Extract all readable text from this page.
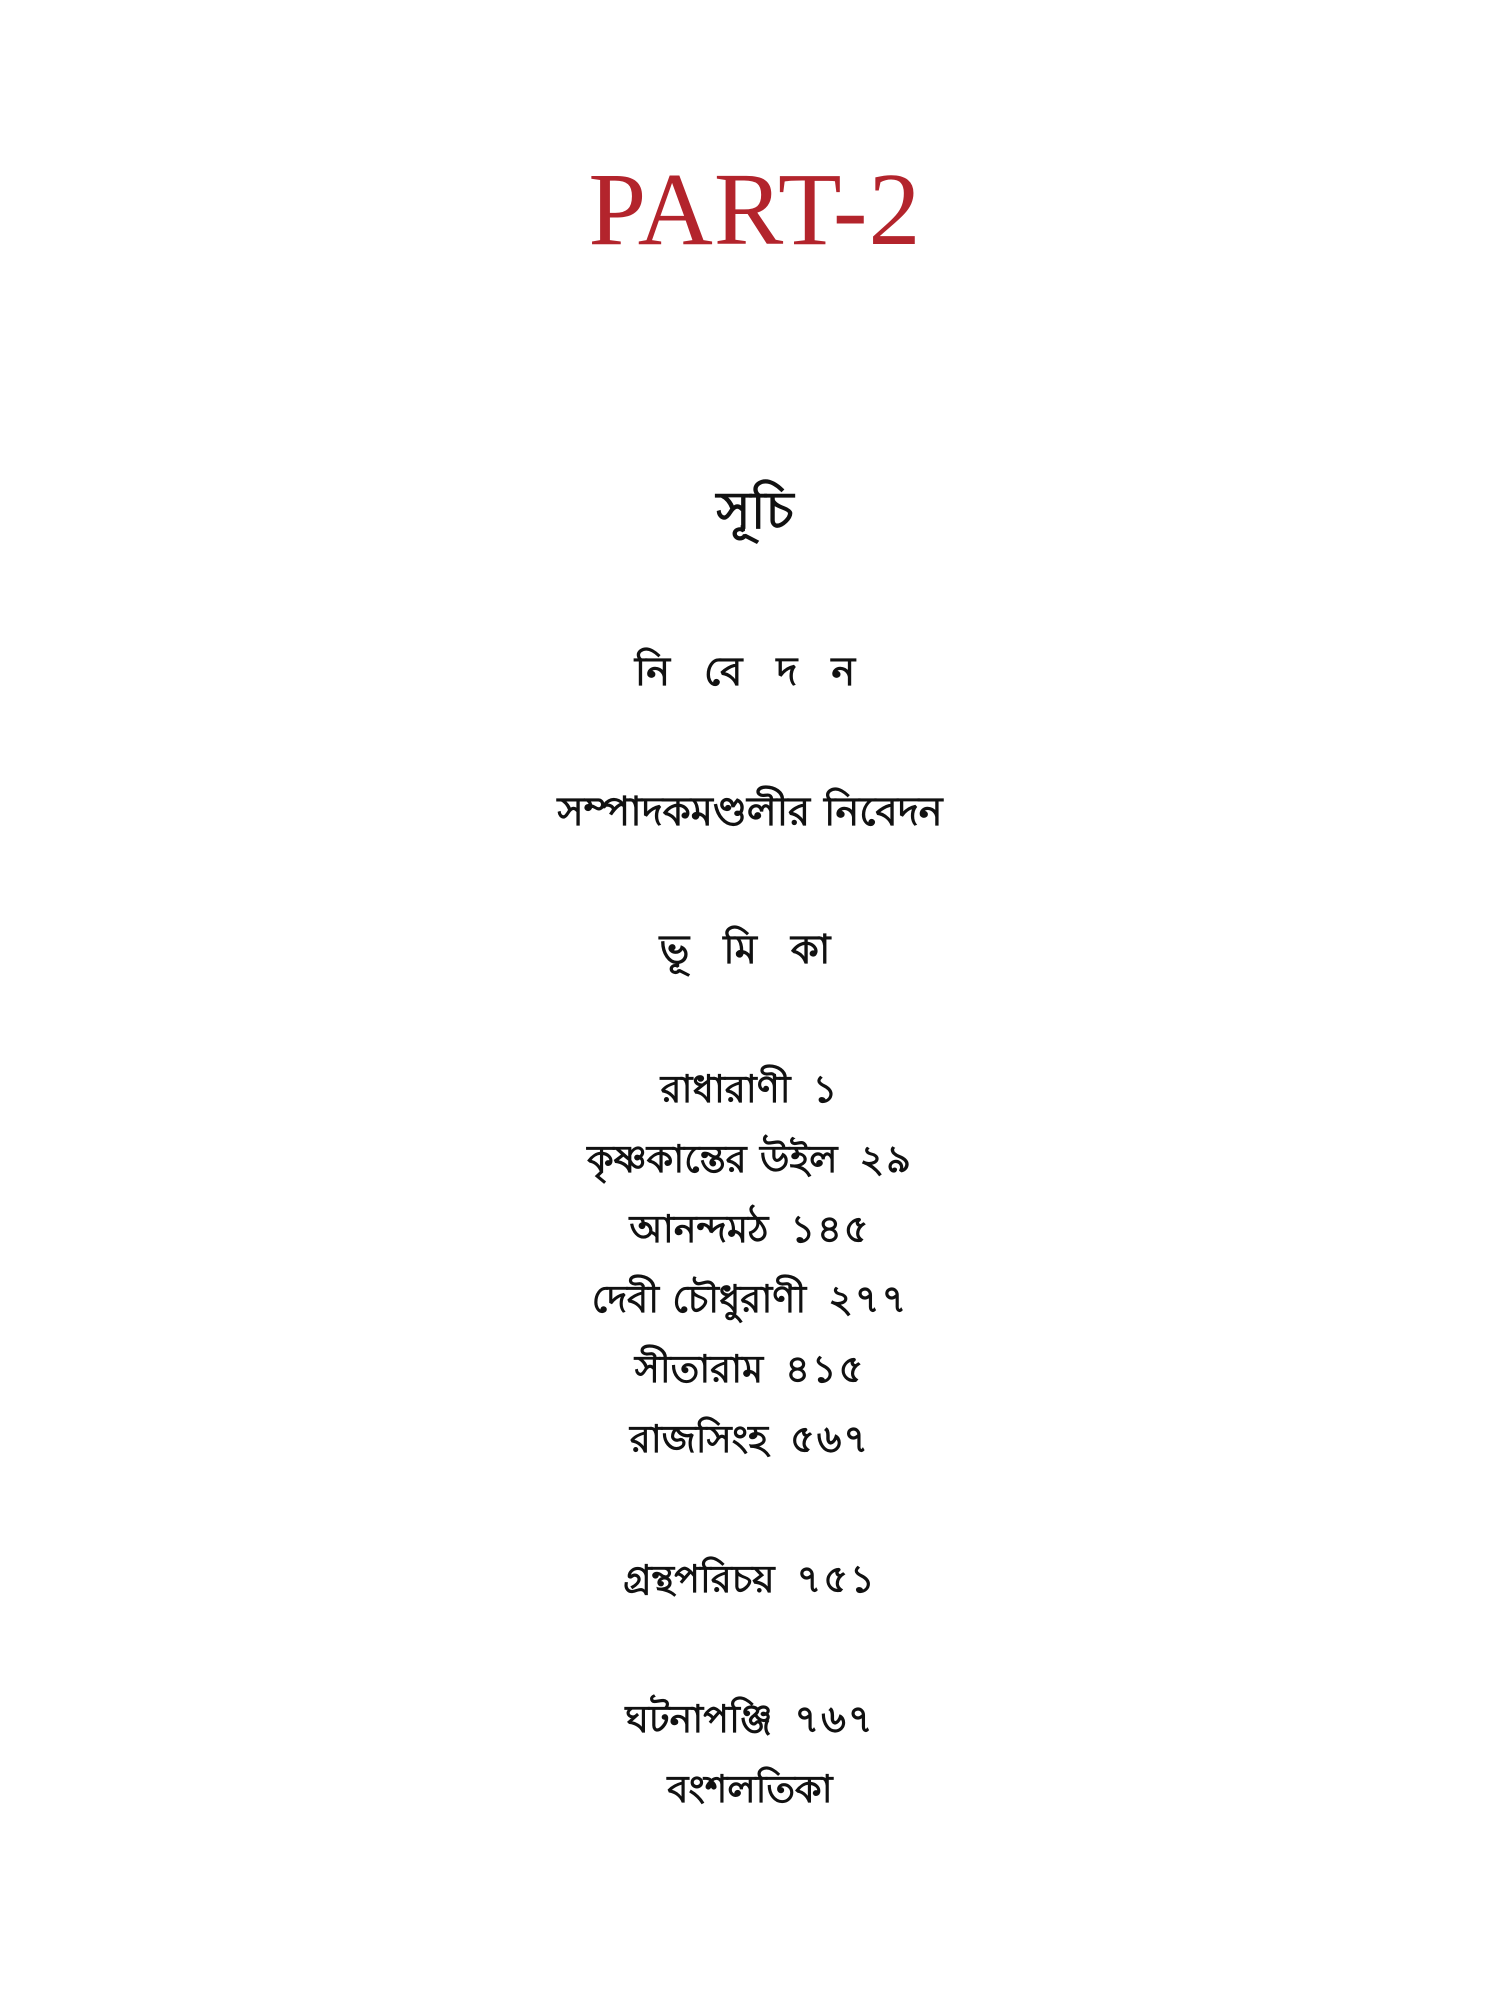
PART-2
সূচি
নি বে দ ন
সম্পাদকমণ্ডলীর নিবেদন
ভূ মি কা
রাধারাণী ১
কৃষ্ণকান্তের উইল ২৯
আনন্দমঠ ১৪৫
দেবী চৌধুরাণী ২৭৭
সীতারাম ৪১৫
রাজসিংহ ৫৬৭
গ্রন্থপরিচয় ৭৫১
ঘটনাপঞ্জি ৭৬৭
বংশলতিকা
